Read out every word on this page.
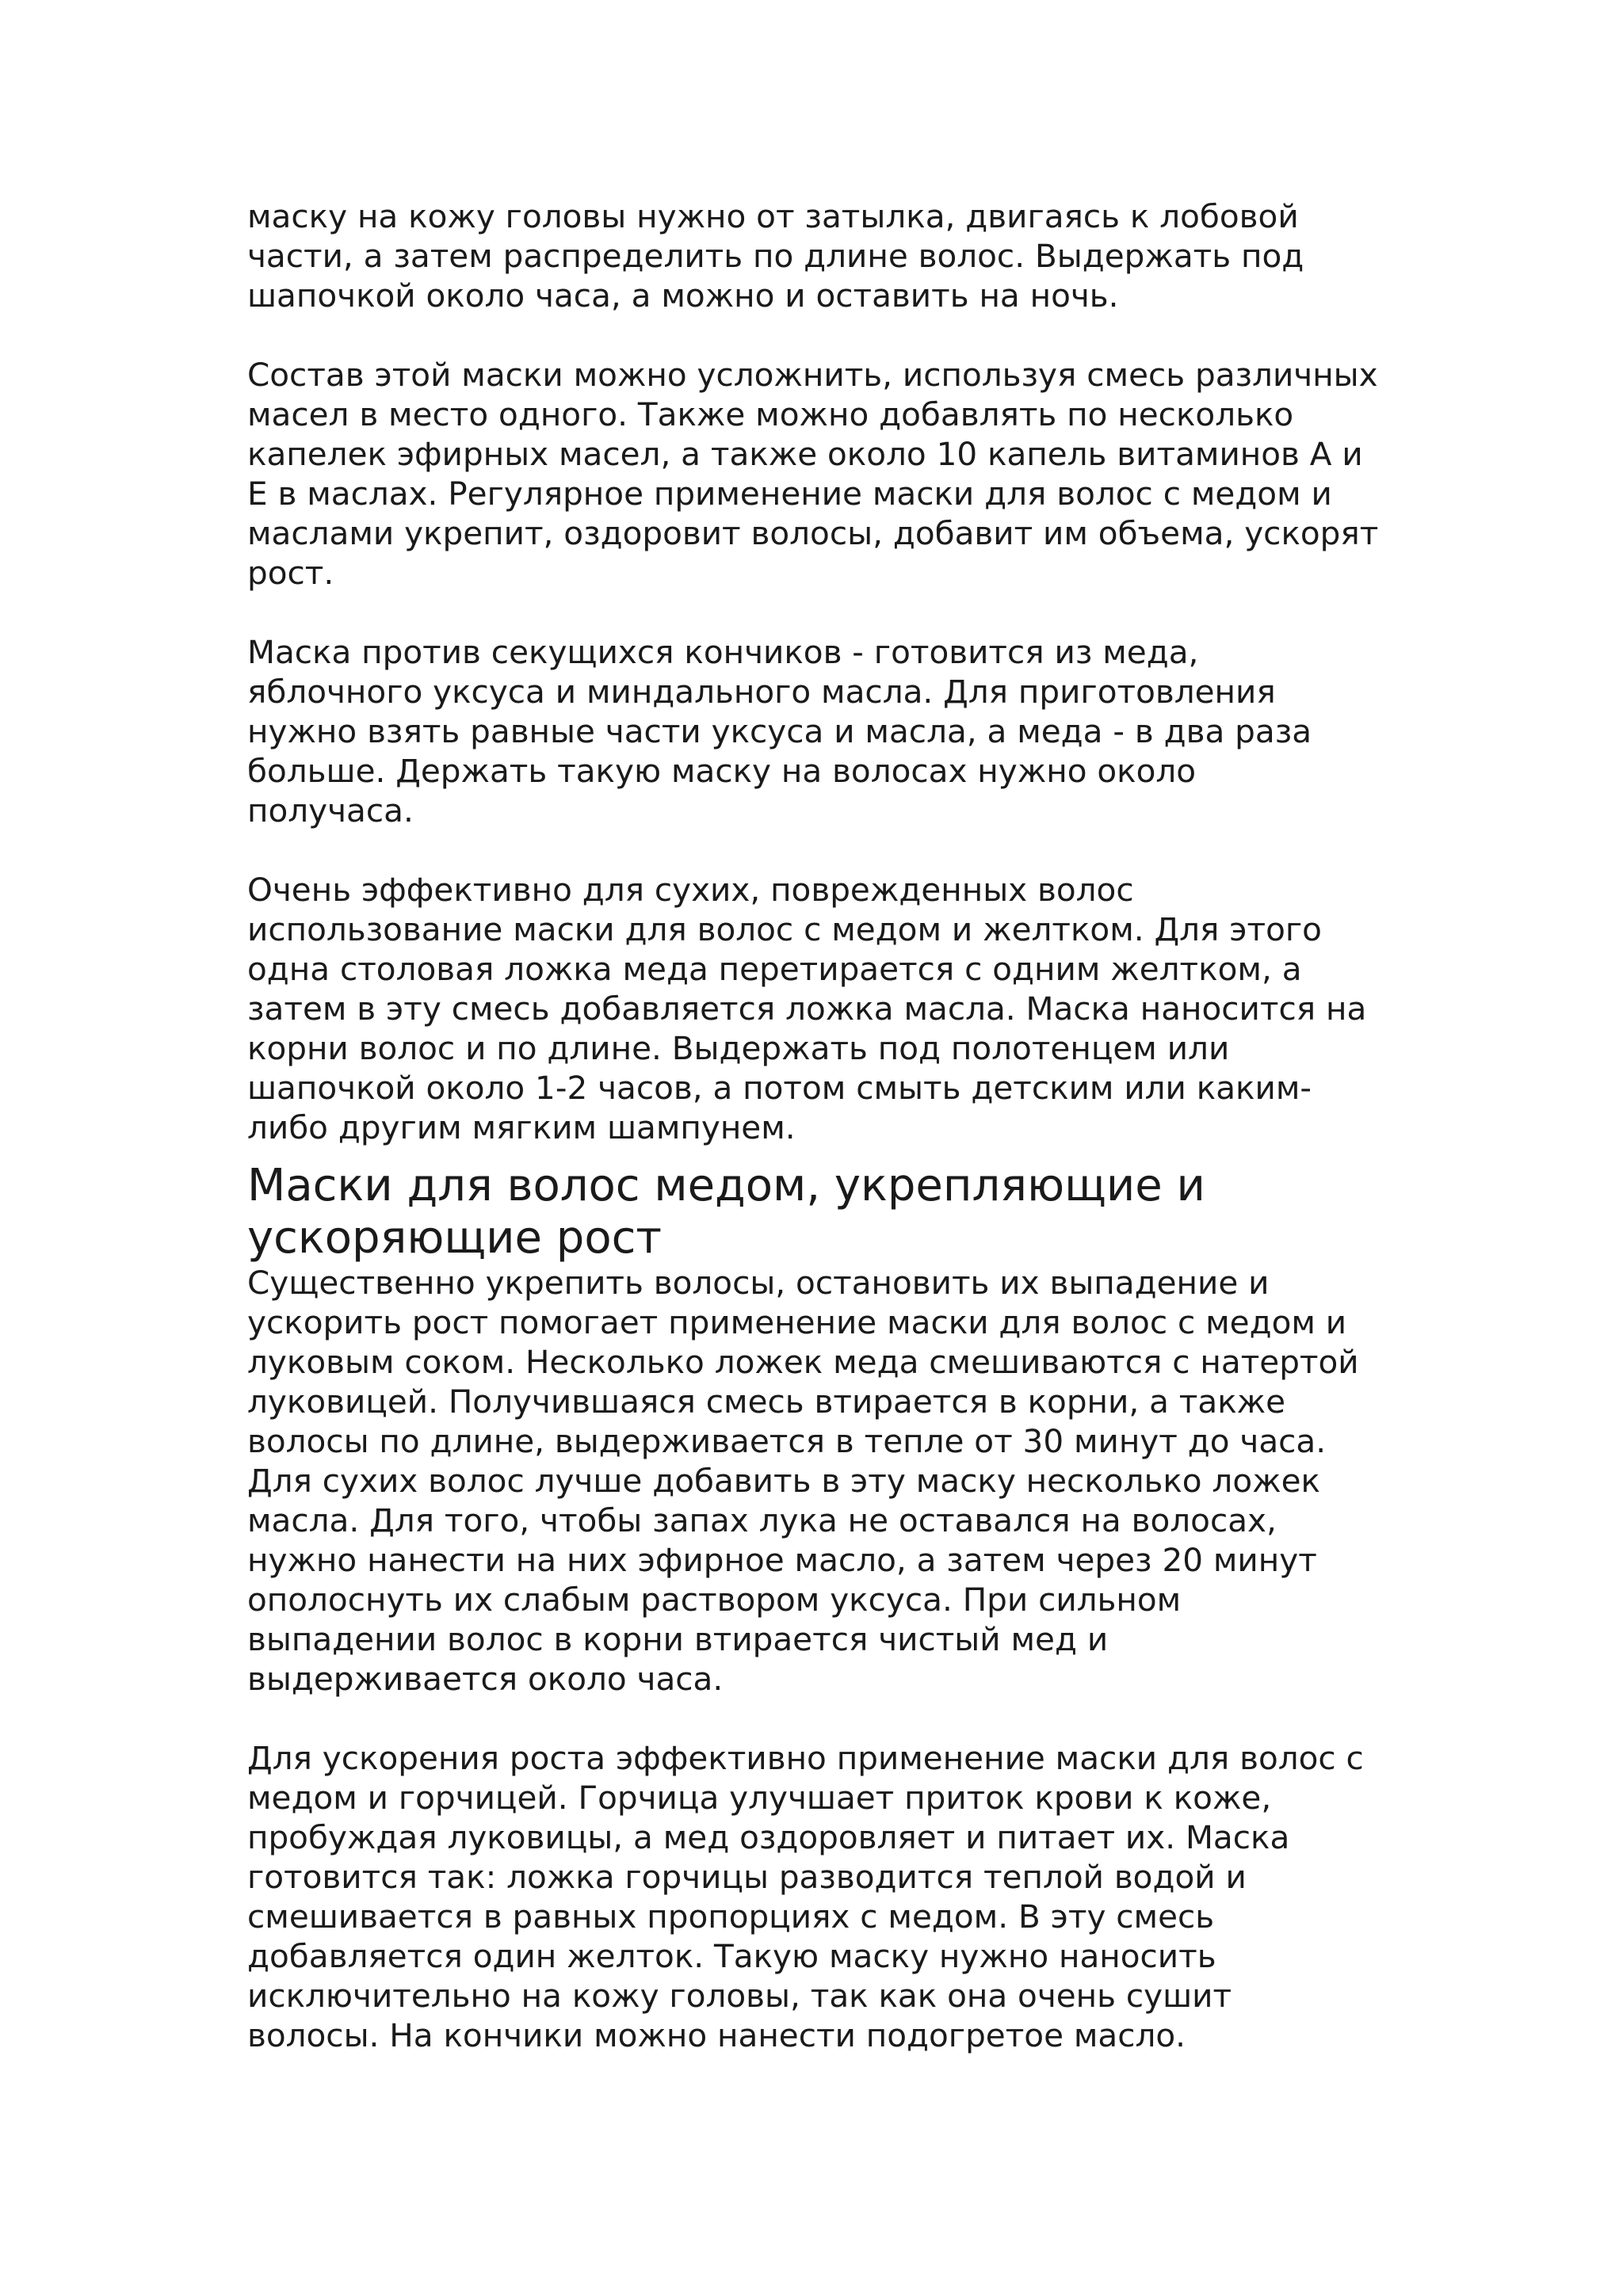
маску на кожу головы нужно от затылка, двигаясь к лобовой
части, а затем распределить по длине волос. Выдержать под
шапочкой около часа, а можно и оставить на ночь.
Состав этой маски можно усложнить, используя смесь различных
масел в место одного. Также можно добавлять по несколько
капелек эфирных масел, а также около 10 капель витаминов А и
Е в маслах. Регулярное применение маски для волос с медом и
маслами укрепит, оздоровит волосы, добавит им объема, ускорят
рост.
Маска против секущихся кончиков - готовится из меда,
яблочного уксуса и миндального масла. Для приготовления
нужно взять равные части уксуса и масла, а меда - в два раза
больше. Держать такую маску на волосах нужно около
получаса.
Очень эффективно для сухих, поврежденных волос
использование маски для волос с медом и желтком. Для этого
одна столовая ложка меда перетирается с одним желтком, а
затем в эту смесь добавляется ложка масла. Маска наносится на
корни волос и по длине. Выдержать под полотенцем или
шапочкой около 1-2 часов, а потом смыть детским или каким-
либо другим мягким шампунем.
Маски для волос медом, укрепляющие и
ускоряющие рост
Существенно укрепить волосы, остановить их выпадение и
ускорить рост помогает применение маски для волос с медом и
луковым соком. Несколько ложек меда смешиваются с натертой
луковицей. Получившаяся смесь втирается в корни, а также
волосы по длине, выдерживается в тепле от 30 минут до часа.
Для сухих волос лучше добавить в эту маску несколько ложек
масла. Для того, чтобы запах лука не оставался на волосах,
нужно нанести на них эфирное масло, а затем через 20 минут
ополоснуть их слабым раствором уксуса. При сильном
выпадении волос в корни втирается чистый мед и
выдерживается около часа.
Для ускорения роста эффективно применение маски для волос с
медом и горчицей. Горчица улучшает приток крови к коже,
пробуждая луковицы, а мед оздоровляет и питает их. Маска
готовится так: ложка горчицы разводится теплой водой и
смешивается в равных пропорциях с медом. В эту смесь
добавляется один желток. Такую маску нужно наносить
исключительно на кожу головы, так как она очень сушит
волосы. На кончики можно нанести подогретое масло.
